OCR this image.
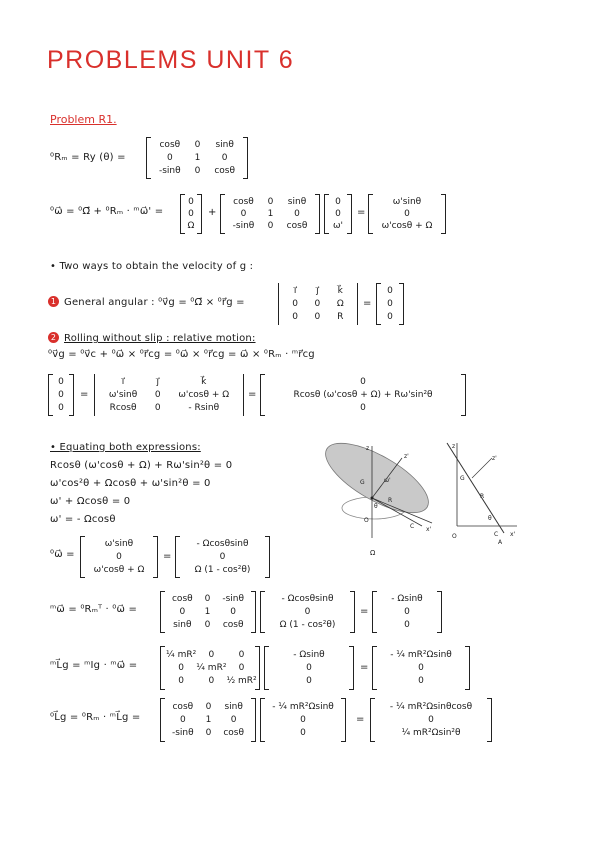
PROBLEMS UNIT 6
Problem R1.
⁰Rₘ = Ry (θ) =
cosθ 0 sinθ
0 1 0
-sinθ 0 cosθ
⁰ω⃗ = ⁰Ω⃗ + ⁰Rₘ · ᵐω⃗' =
0
0
Ω
+
cosθ 0 sinθ
0 1 0
-sinθ 0 cosθ
0
0
ω'
=
ω'sinθ
0
ω'cosθ + Ω
• Two ways to obtain the velocity of g :
1 General angular : ⁰v⃗g = ⁰Ω⃗ × ⁰r⃗g =
i⃗ j⃗ k⃗
0 0 Ω
0 0 R
=
0
0
0
2 Rolling without slip : relative motion:
⁰v⃗g = ⁰v⃗c + ⁰ω⃗ × ⁰r⃗cg = ⁰ω⃗ × ⁰r⃗cg = ω⃗ × ⁰Rₘ · ᵐr⃗cg
0
0
0
=
i⃗	j⃗	k⃗
ω'sinθ 0 ω'cosθ + Ω
Rcosθ 0	- Rsinθ
=
0
Rcosθ (ω'cosθ + Ω) + Rω'sin²θ
0
• Equating both expressions:
Rcosθ (ω'cosθ + Ω) + Rω'sin²θ = 0
ω'cos²θ + Ωcosθ + ω'sin²θ = 0
ω' + Ωcosθ = 0
ω' = - Ωcosθ
z
z'
G	ω'
R
θ
C x'
O
Ω
z
z'
G
R
θ
O	C x'
A
⁰ω⃗ =
ω'sinθ
0
ω'cosθ + Ω
=
- Ωcosθsinθ
0
Ω (1 - cos²θ)
ᵐω⃗ = ⁰Rₘᵀ · ⁰ω⃗ =
cosθ 0 -sinθ
0 1 0
sinθ 0 cosθ
- Ωcosθsinθ
0
Ω (1 - cos²θ)
=
- Ωsinθ
0
0
ᵐL⃗g = ᵐIg · ᵐω⃗ =
¼ mR² 0	0
0 ¼ mR² 0
0	0 ½ mR²
- Ωsinθ
0
0
=
- ¼ mR²Ωsinθ
0
0
⁰L⃗g = ⁰Rₘ · ᵐL⃗g =
cosθ 0 sinθ
0 1 0
-sinθ 0 cosθ
- ¼ mR²Ωsinθ
0
0
=
- ¼ mR²Ωsinθcosθ
0
¼ mR²Ωsin²θ
